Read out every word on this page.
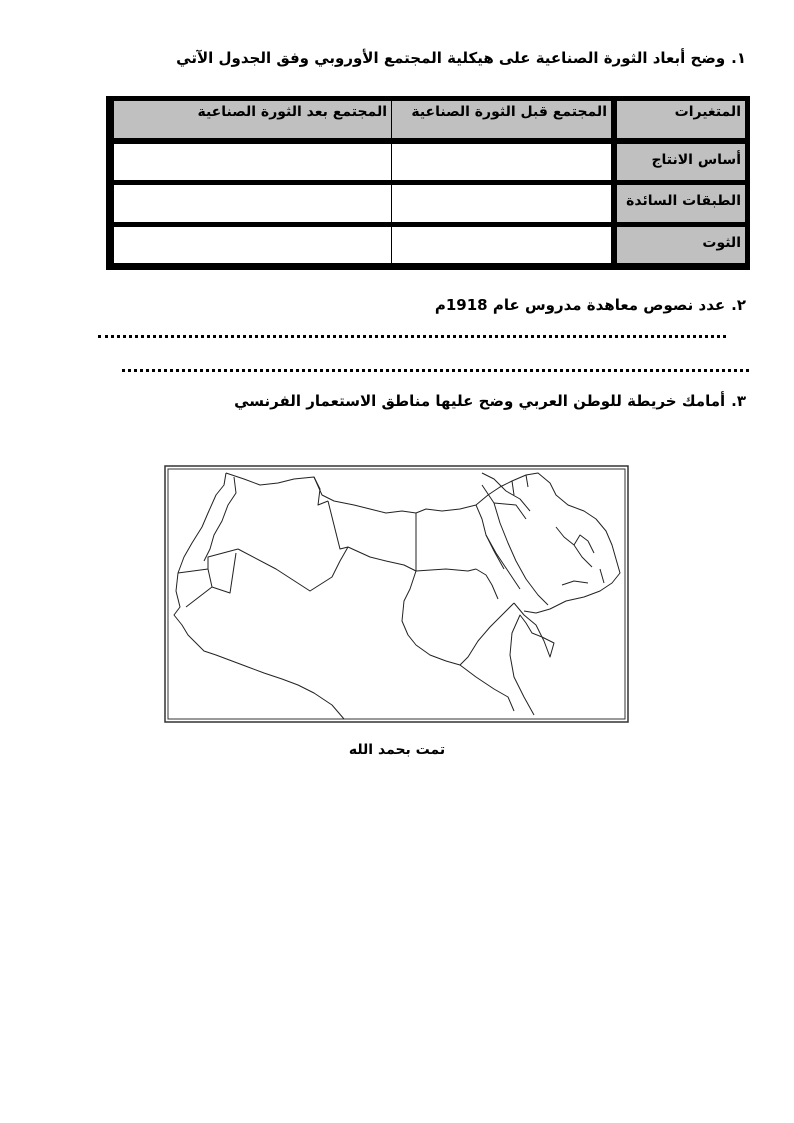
١.وضح أبعاد الثورة الصناعية على هيكلية المجتمع الأوروبي وفق الجدول الآتي
المتغيرات
المجتمع قبل الثورة الصناعية
المجتمع بعد الثورة الصناعية
أساس الانتاج
الطبقات السائدة
الثوت
٢.عدد نصوص معاهدة مدروس عام 1918م
٣.أمامك خريطة للوطن العربي وضح عليها مناطق الاستعمار الفرنسي
تمت بحمد الله
